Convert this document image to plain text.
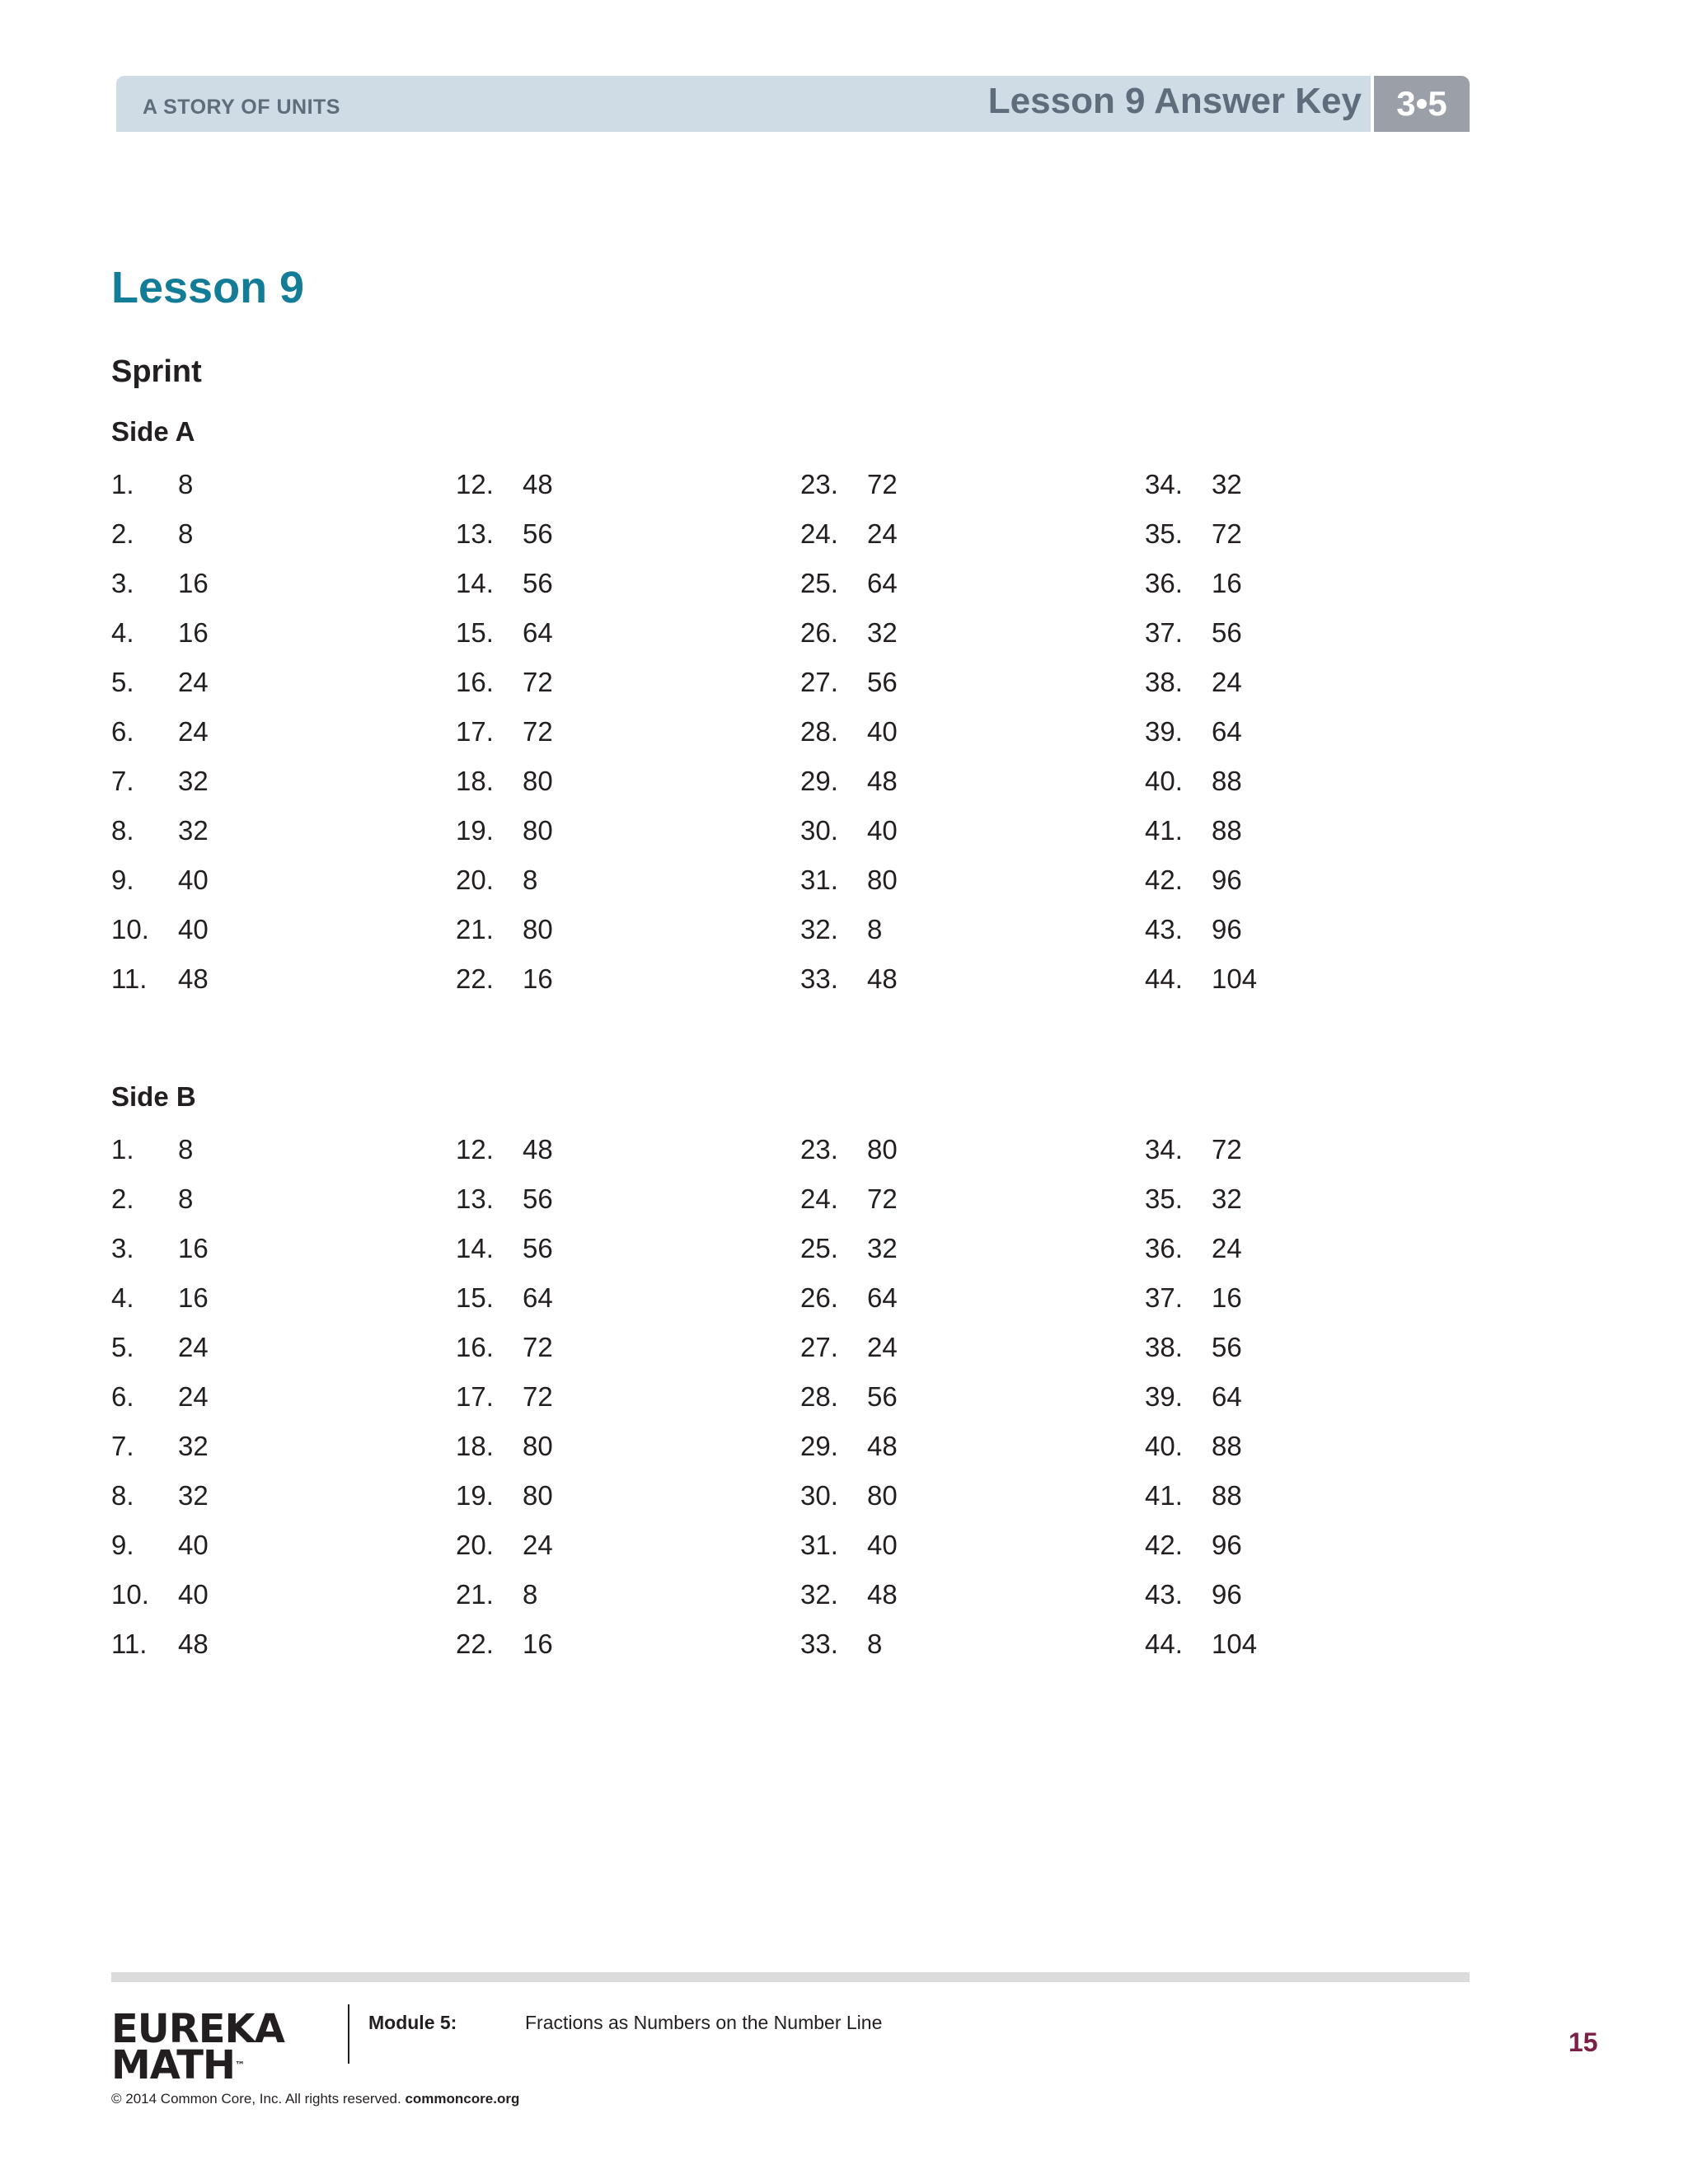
A STORY OF UNITS	Lesson 9 Answer Key	3•5
Lesson 9
Sprint
Side A
1. 8
2. 8
3. 16
4. 16
5. 24
6. 24
7. 32
8. 32
9. 40
10. 40
11. 48
12. 48
13. 56
14. 56
15. 64
16. 72
17. 72
18. 80
19. 80
20. 8
21. 80
22. 16
23. 72
24. 24
25. 64
26. 32
27. 56
28. 40
29. 48
30. 40
31. 80
32. 8
33. 48
34. 32
35. 72
36. 16
37. 56
38. 24
39. 64
40. 88
41. 88
42. 96
43. 96
44. 104
Side B
1. 8
2. 8
3. 16
4. 16
5. 24
6. 24
7. 32
8. 32
9. 40
10. 40
11. 48
12. 48
13. 56
14. 56
15. 64
16. 72
17. 72
18. 80
19. 80
20. 24
21. 8
22. 16
23. 80
24. 72
25. 32
26. 64
27. 24
28. 56
29. 48
30. 80
31. 40
32. 48
33. 8
34. 72
35. 32
36. 24
37. 16
38. 56
39. 64
40. 88
41. 88
42. 96
43. 96
44. 104
EUREKA
MATH™
Module 5:	Fractions as Numbers on the Number Line
15
© 2014 Common Core, Inc. All rights reserved. commoncore.org
